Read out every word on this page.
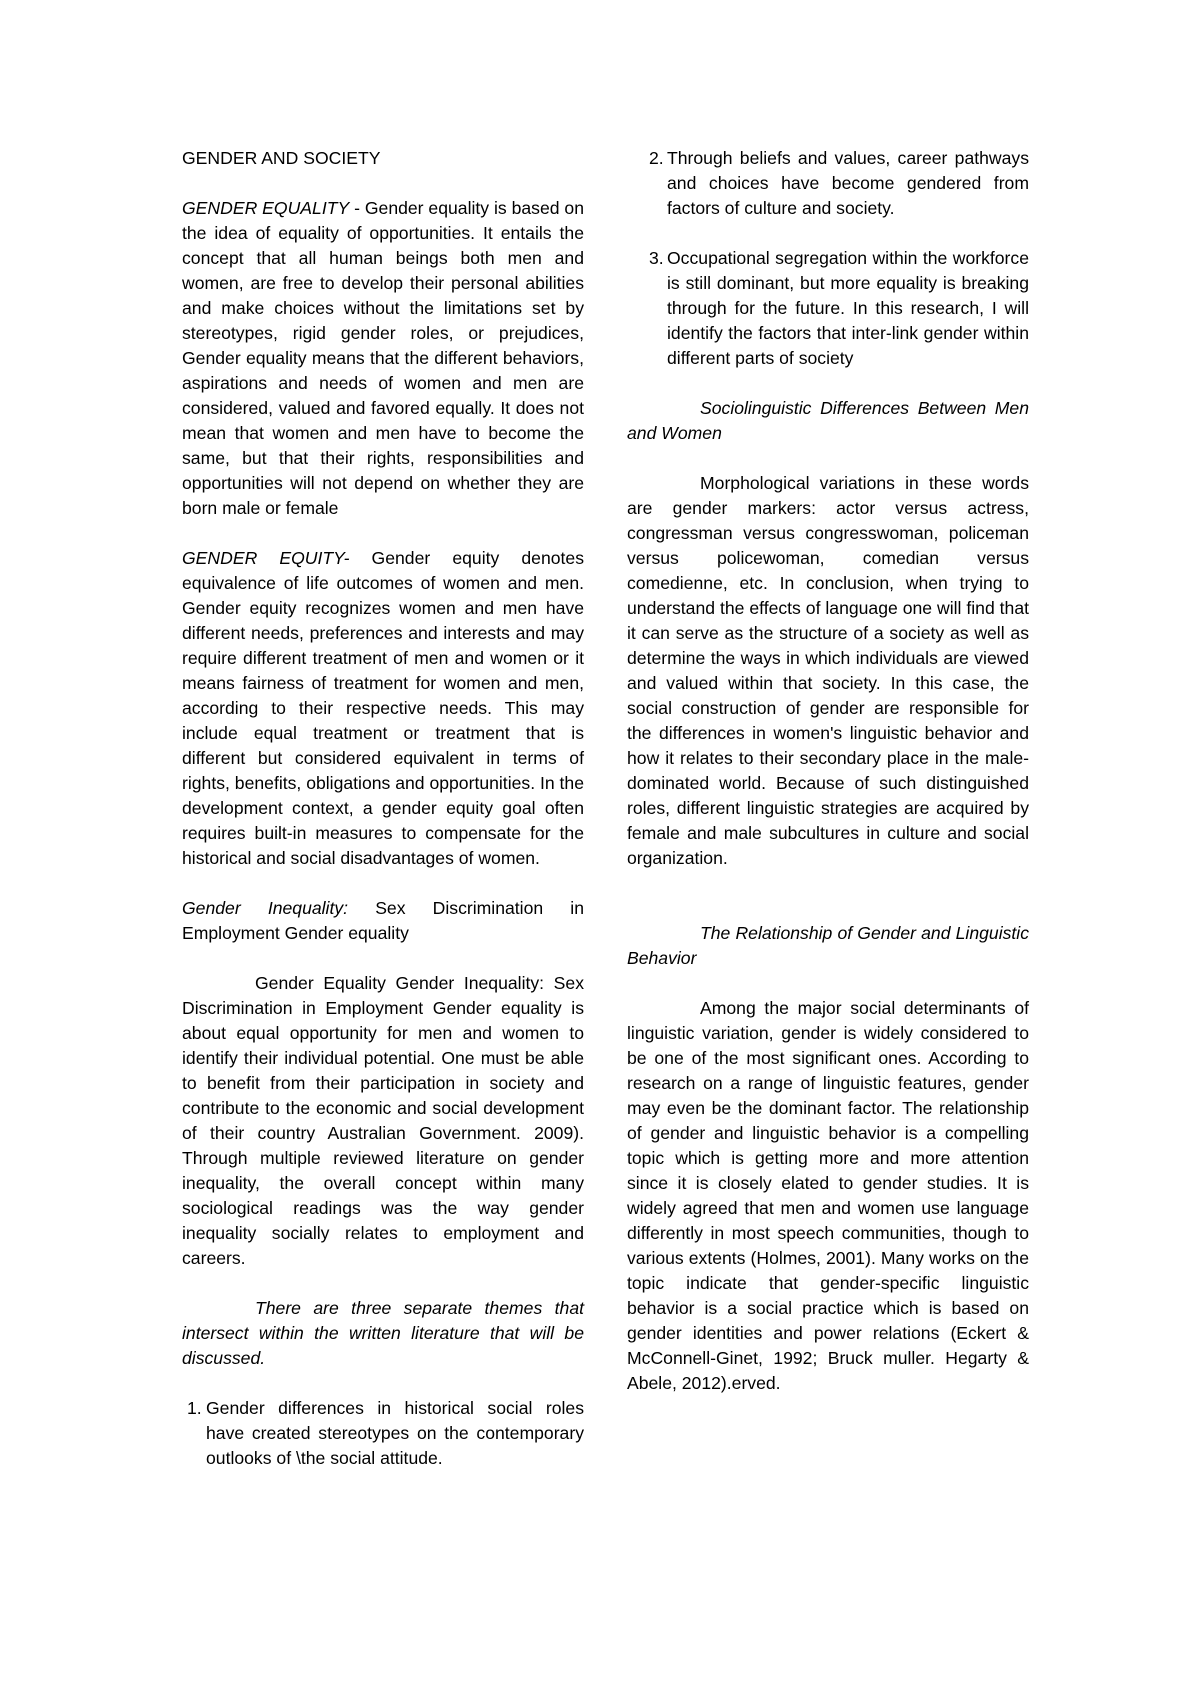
GENDER AND SOCIETY

GENDER EQUALITY - Gender equality is based on the idea of equality of opportunities. It entails the concept that all human beings both men and women, are free to develop their personal abilities and make choices without the limitations set by stereotypes, rigid gender roles, or prejudices, Gender equality means that the different behaviors, aspirations and needs of women and men are considered, valued and favored equally. It does not mean that women and men have to become the same, but that their rights, responsibilities and opportunities will not depend on whether they are born male or female

GENDER EQUITY- Gender equity denotes equivalence of life outcomes of women and men. Gender equity recognizes women and men have different needs, preferences and interests and may require different treatment of men and women or it means fairness of treatment for women and men, according to their respective needs. This may include equal treatment or treatment that is different but considered equivalent in terms of rights, benefits, obligations and opportunities. In the development context, a gender equity goal often requires built-in measures to compensate for the historical and social disadvantages of women.

Gender Inequality: Sex Discrimination in Employment Gender equality

Gender Equality Gender Inequality: Sex Discrimination in Employment Gender equality is about equal opportunity for men and women to identify their individual potential. One must be able to benefit from their participation in society and contribute to the economic and social development of their country Australian Government. 2009). Through multiple reviewed literature on gender inequality, the overall concept within many sociological readings was the way gender inequality socially relates to employment and careers.

There are three separate themes that intersect within the written literature that will be discussed.

1. Gender differences in historical social roles have created stereotypes on the contemporary outlooks of \the social attitude.
2. Through beliefs and values, career pathways and choices have become gendered from factors of culture and society.
3. Occupational segregation within the workforce is still dominant, but more equality is breaking through for the future. In this research, I will identify the factors that inter-link gender within different parts of society

Sociolinguistic Differences Between Men and Women

Morphological variations in these words are gender markers: actor versus actress, congressman versus congresswoman, policeman versus policewoman, comedian versus comedienne, etc. In conclusion, when trying to understand the effects of language one will find that it can serve as the structure of a society as well as determine the ways in which individuals are viewed and valued within that society. In this case, the social construction of gender are responsible for the differences in women's linguistic behavior and how it relates to their secondary place in the male-dominated world. Because of such distinguished roles, different linguistic strategies are acquired by female and male subcultures in culture and social organization.

The Relationship of Gender and Linguistic Behavior

Among the major social determinants of linguistic variation, gender is widely considered to be one of the most significant ones. According to research on a range of linguistic features, gender may even be the dominant factor. The relationship of gender and linguistic behavior is a compelling topic which is getting more and more attention since it is closely elated to gender studies. It is widely agreed that men and women use language differently in most speech communities, though to various extents (Holmes, 2001). Many works on the topic indicate that gender-specific linguistic behavior is a social practice which is based on gender identities and power relations (Eckert & McConnell-Ginet, 1992; Bruck muller. Hegarty & Abele, 2012).erved.
